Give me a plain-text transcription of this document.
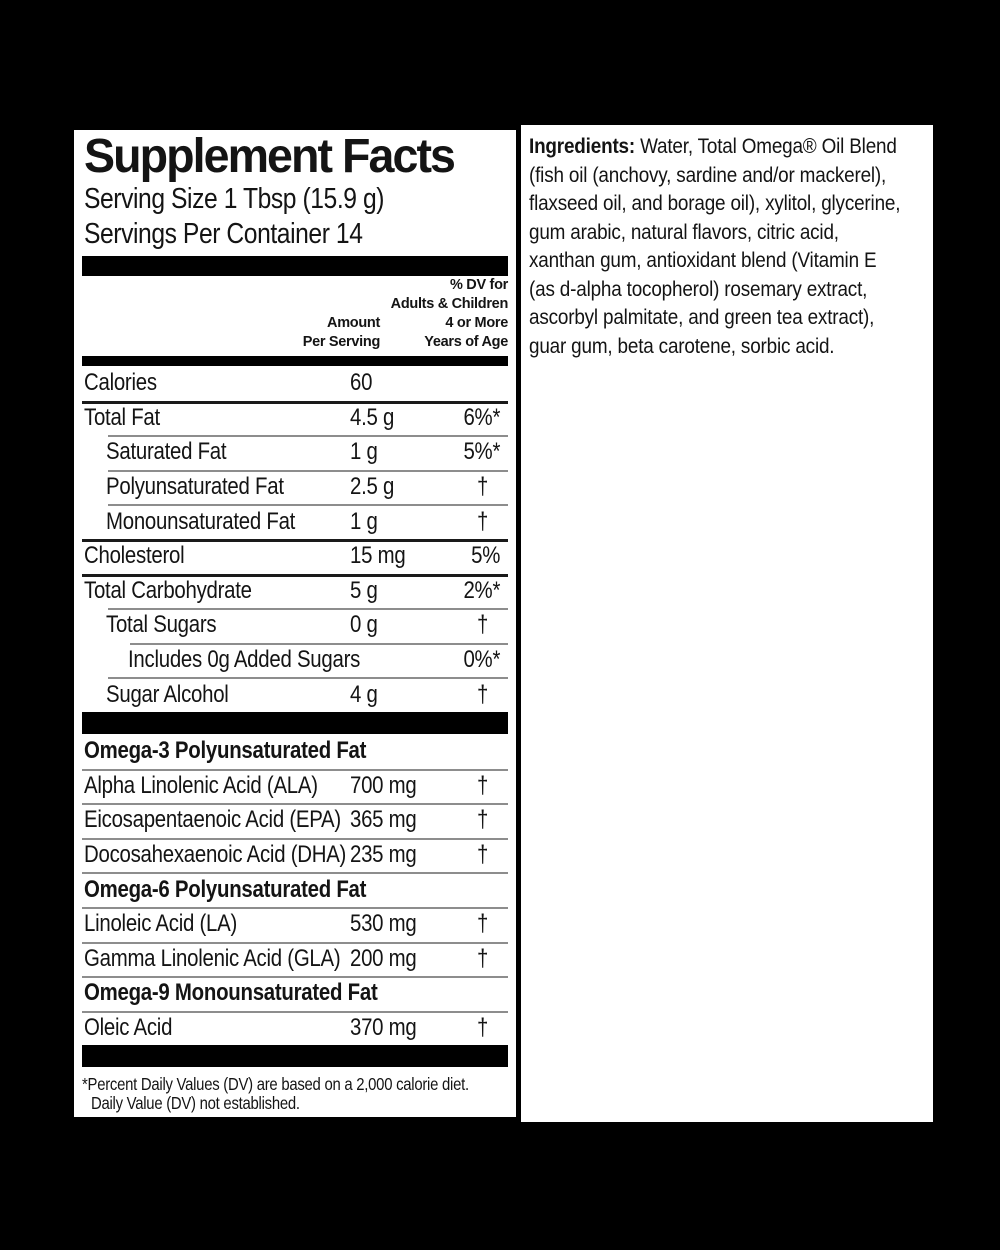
Supplement Facts
Serving Size 1 Tbsp (15.9 g)
Servings Per Container 14
Amount
Per Serving
% DV for
Adults & Children
4 or More
Years of Age
Calories	60
Total Fat	4.5 g	6%*
Saturated Fat	1 g	5%*
Polyunsaturated Fat	2.5 g	†
Monounsaturated Fat	1 g	†
Cholesterol	15 mg	5%
Total Carbohydrate	5 g	2%*
Total Sugars	0 g	†
Includes 0g Added Sugars	0%*
Sugar Alcohol	4 g	†
Omega-3 Polyunsaturated Fat
Alpha Linolenic Acid (ALA)	700 mg	†
Eicosapentaenoic Acid (EPA) 365 mg	†
Docosahexaenoic Acid (DHA) 235 mg	†
Omega-6 Polyunsaturated Fat
Linoleic Acid (LA)	530 mg	†
Gamma Linolenic Acid (GLA) 200 mg	†
Omega-9 Monounsaturated Fat
Oleic Acid	370 mg	†
*Percent Daily Values (DV) are based on a 2,000 calorie diet.
Daily Value (DV) not established.
Ingredients: Water, Total Omega® Oil Blend
(fish oil (anchovy, sardine and/or mackerel),
flaxseed oil, and borage oil), xylitol, glycerine,
gum arabic, natural flavors, citric acid,
xanthan gum, antioxidant blend (Vitamin E
(as d-alpha tocopherol) rosemary extract,
ascorbyl palmitate, and green tea extract),
guar gum, beta carotene, sorbic acid.
